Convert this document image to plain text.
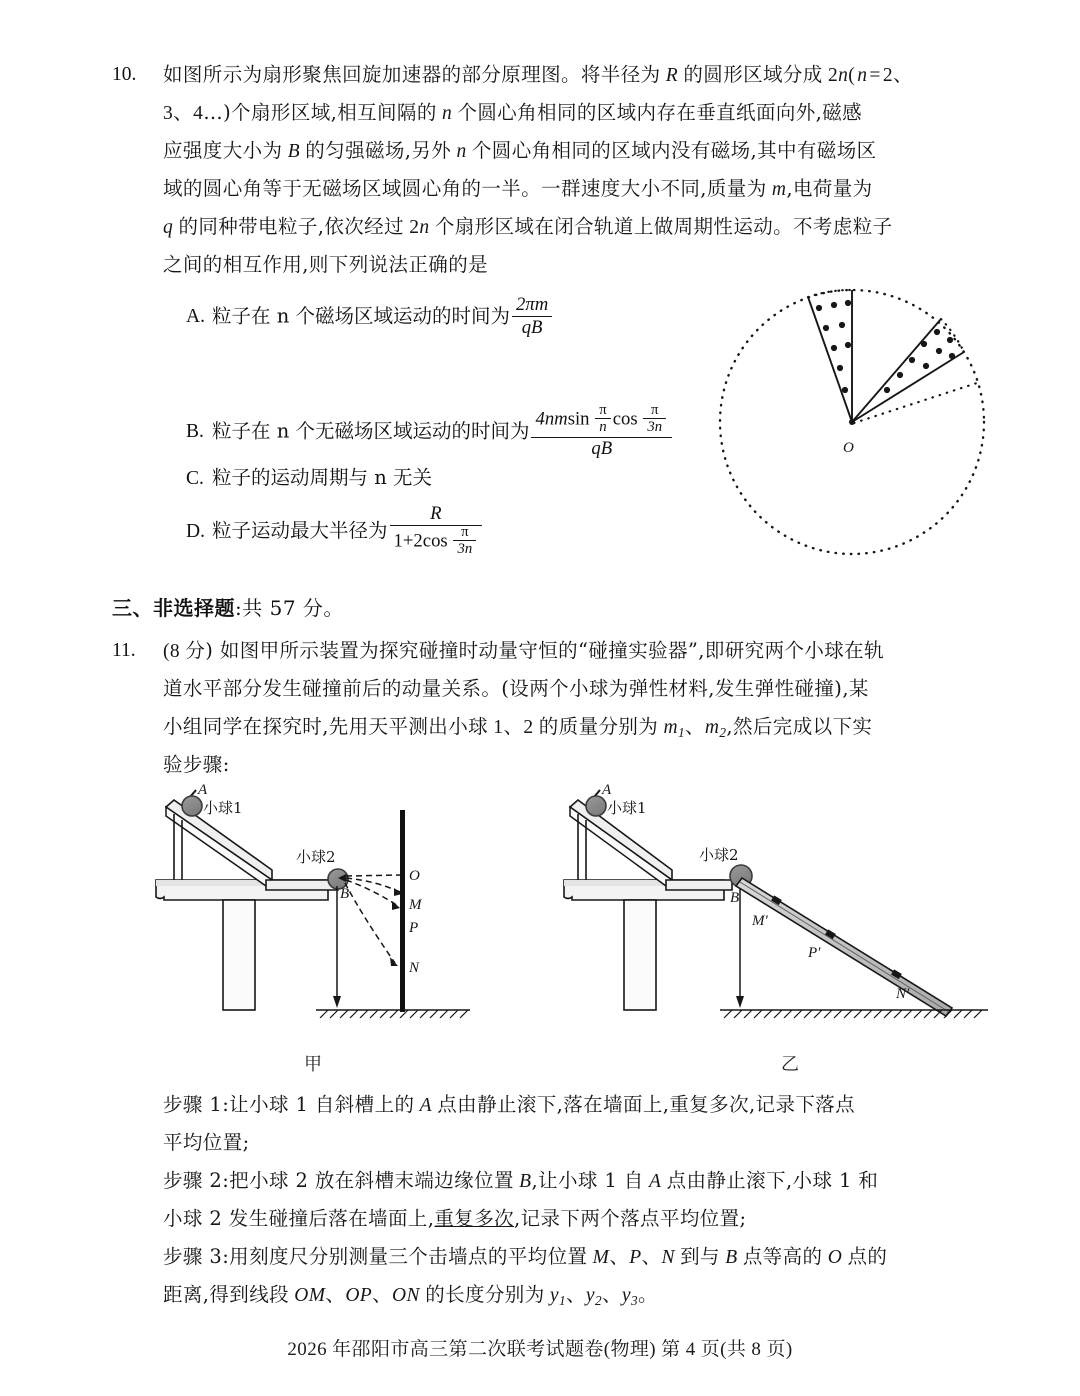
10. 如图所示为扇形聚焦回旋加速器的部分原理图。将半径为 R 的圆形区域分成 2n( n = 2、
3、4…)个扇形区域,相互间隔的 n 个圆心角相同的区域内存在垂直纸面向外,磁感
应强度大小为 B 的匀强磁场,另外 n 个圆心角相同的区域内没有磁场,其中有磁场区
域的圆心角等于无磁场区域圆心角的一半。一群速度大小不同,质量为 m,电荷量为
q 的同种带电粒子,依次经过 2n 个扇形区域在闭合轨道上做周期性运动。不考虑粒子
之间的相互作用,则下列说法正确的是
A. 粒子在 n 个磁场区域运动的时间为 $\frac{2\pi m}{qB}$
B. 粒子在 n 个无磁场区域运动的时间为 $\frac{4nmsin \frac{\pi}{n} \cos \frac{\pi}{3n}}{qB}$
C. 粒子的运动周期与 n 无关
D. 粒子运动最大半径为 $\frac{R}{1+2\cos \frac{\pi}{3n}}$
O
三、非选择题:共 57 分。
11. (8 分) 如图甲所示装置为探究碰撞时动量守恒的“碰撞实验器”,即研究两个小球在轨
道水平部分发生碰撞前后的动量关系。(设两个小球为弹性材料,发生弹性碰撞),某
小组同学在探究时,先用天平测出小球 1、2 的质量分别为 $m_1$、$m_2$,然后完成以下实
验步骤:
A
小球1
小球2
B
O
M
P
N
甲
A
小球1
小球2
B
M′
P′
N′
乙
步骤 1:让小球 1 自斜槽上的 A 点由静止滚下,落在墙面上,重复多次,记录下落点
平均位置;
步骤 2:把小球 2 放在斜槽末端边缘位置 B,让小球 1 自 A 点由静止滚下,小球 1 和
小球 2 发生碰撞后落在墙面上,重复多次,记录下两个落点平均位置;
步骤 3:用刻度尺分别测量三个击墙点的平均位置 M、P、N 到与 B 点等高的 O 点的
距离,得到线段 OM、OP、ON 的长度分别为 $y_1$、$y_2$、$y_3$。
2026 年邵阳市高三第二次联考试题卷(物理) 第 4 页(共 8 页)
